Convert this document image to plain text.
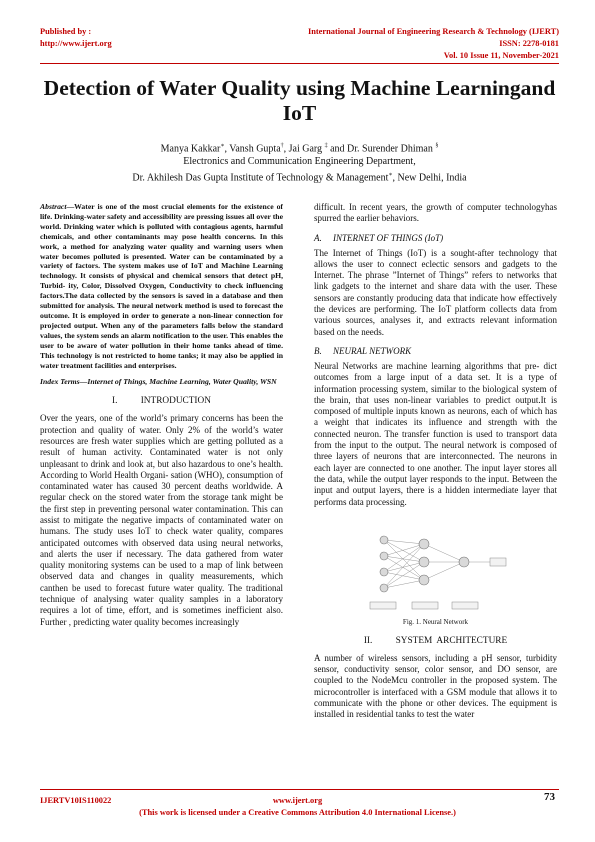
Published by :
http://www.ijert.org
International Journal of Engineering Research & Technology (IJERT)
ISSN: 2278-0181
Vol. 10 Issue 11, November-2021
Detection of Water Quality using Machine Learningand IoT
Manya Kakkar∗, Vansh Gupta†, Jai Garg ‡ and Dr. Surender Dhiman §
Electronics and Communication Engineering Department,
Dr. Akhilesh Das Gupta Institute of Technology & Management∗, New Delhi, India

Abstract—Water is one of the most crucial elements for the existence of life. Drinking-water safety and accessibility are pressing issues all over the world. Drinking water which is polluted with contagious agents, harmful chemicals, and other contaminants may pose health concerns. In this work, a method for analyzing water quality and warning users when water becomes polluted is presented. Water can be contaminated by a variety of factors. The system makes use of IoT and Machine Learning technology. It consists of physical and chemical sensors that detect pH, Turbid- ity, Color, Dissolved Oxygen, Conductivity to check influencing factors.The data collected by the sensors is saved in a database and then submitted for analysis. The neural network method is used to forecast the outcome. It is employed in order to generate a non-linear connection for projected output. When any of the parameters falls below the standard values, the system sends an alarm notification to the user. This enables the user to be aware of water pollution in their home tanks ahead of time. This technology is not restricted to home tanks; it may also be applied in water treatment facilities and enterprises.

Index Terms—Internet of Things, Machine Learning, Water Quality, WSN

I.          INTRODUCTION

Over the years, one of the world’s primary concerns has been the protection and quality of water. Only 2% of the world’s water resources are fresh water supplies which are getting polluted as a result of human activity. Contaminated water is not only unpleasant to drink and look at, but also hazardous to one’s health. According to World Health Organi- sation (WHO), consumption of contaminated water has caused 30 percent deaths worldwide. A regular check on the stored water from the storage tank might be the first step in preventing personal water contamination. This can assist to mitigate the negative impacts of contaminated water on humans. The study uses IoT to check water quality, compares anticipated outcomes with observed data using neural networks, and alerts the user if necessary. The data gathered from water quality monitoring systems can be used to a map of link between observed data and changes in quality measurements, which canthen be used to forecast future water quality. The traditional technique of analysing water quality samples in a laboratory requires a lot of time, effort, and is sometimes inefficient also. Further , predicting water quality becomes increasingly

difficult. In recent years, the growth of computer technologyhas spurred the earlier behaviors.

A.     INTERNET OF THINGS (IoT)

The Internet of Things (IoT) is a sought-after technology that allows the user to connect eclectic sensors and gadgets to the Internet. The phrase ”Internet of Things” refers to networks that link gadgets to the internet and share data with the user. These sensors are constantly producing data that indicate how effectively the devices are performing. The IoT platform collects data from various sources, analyses it, and extracts relevant information based on the needs.

B.     NEURAL NETWORK

Neural Networks are machine learning algorithms that pre- dict outcomes from a large input of a data set. It is a type of information processing system, similar to the biological system of the brain, that uses non-linear variables to predict output.It is composed of multiple inputs known as neurons, each of which has a weight that indicates its influence and strength with the connected neuron. The transfer function is used to transport data from the input to the output. The neural network is composed of three layers of neurons that are interconnected. The neurons in each layer are connected to one another. The input layer stores all the data, while the output layer responds to the input. Between the input and output layers, there is a hidden intermediate layer that performs data processing.

Fig. 1. Neural Network
II.          SYSTEM  ARCHITECTURE

A number of wireless sensors, including a pH sensor, turbidity sensor, conductivity sensor, color sensor, and DO sensor, are coupled to the NodeMcu controller in the proposed system. The microcontroller is interfaced with a GSM module that allows it to communicate with the phone or other devices. The equipment is installed in residential tanks to test the water

IJERTV10IS110022	www.ijert.org	73
(This work is licensed under a Creative Commons Attribution 4.0 International License.)
